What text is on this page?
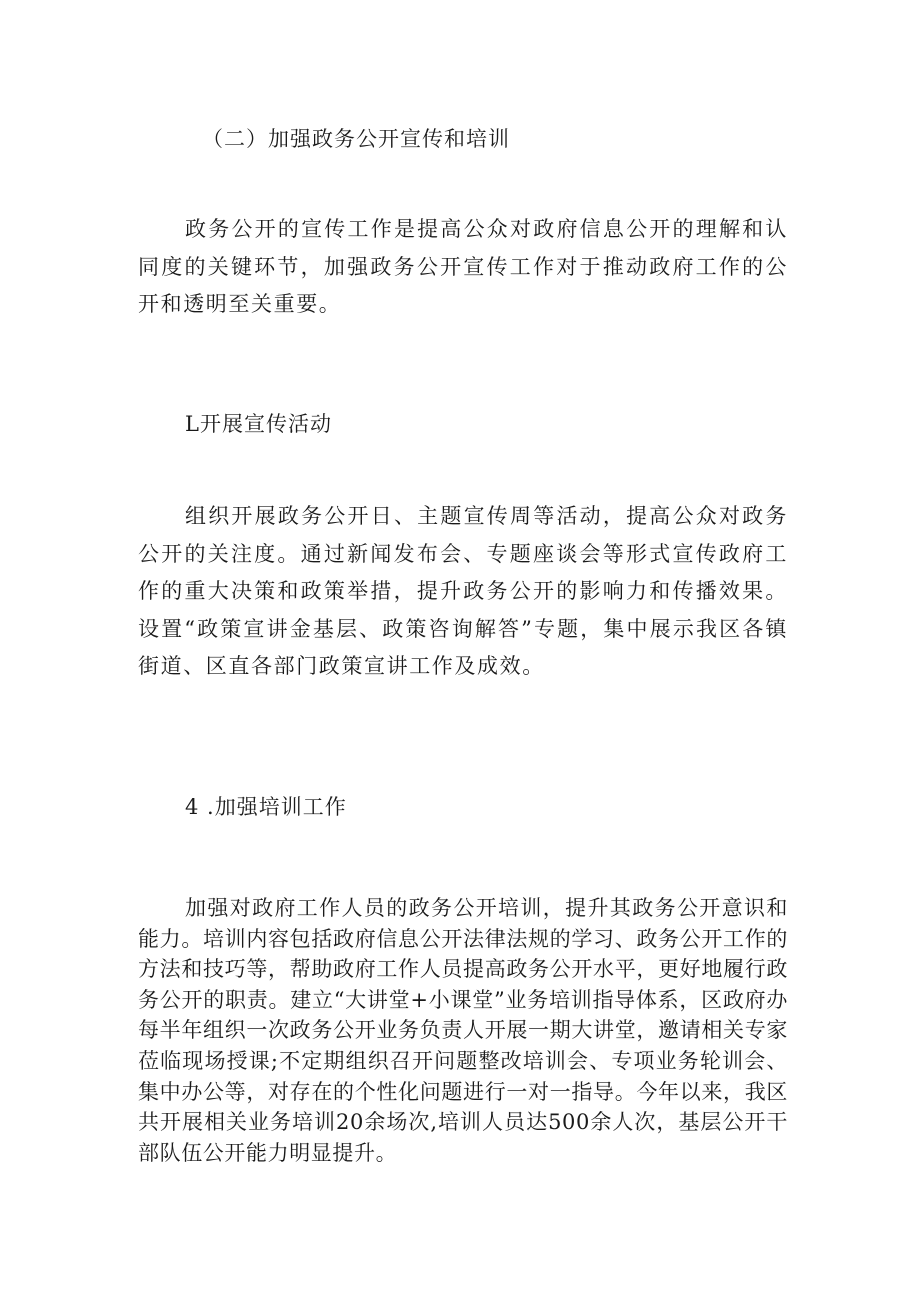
（二）加强政务公开宣传和培训

政务公开的宣传工作是提高公众对政府信息公开的理解和认同度的关键环节，加强政务公开宣传工作对于推动政府工作的公开和透明至关重要。

L开展宣传活动

组织开展政务公开日、主题宣传周等活动，提高公众对政务公开的关注度。通过新闻发布会、专题座谈会等形式宣传政府工作的重大决策和政策举措，提升政务公开的影响力和传播效果。设置“政策宣讲金基层、政策咨询解答”专题，集中展示我区各镇街道、区直各部门政策宣讲工作及成效。

4 .加强培训工作

加强对政府工作人员的政务公开培训，提升其政务公开意识和能力。培训内容包括政府信息公开法律法规的学习、政务公开工作的方法和技巧等，帮助政府工作人员提高政务公开水平，更好地履行政务公开的职责。建立“大讲堂+小课堂”业务培训指导体系，区政府办每半年组织一次政务公开业务负责人开展一期大讲堂，邀请相关专家莅临现场授课;不定期组织召开问题整改培训会、专项业务轮训会、集中办公等，对存在的个性化问题进行一对一指导。今年以来，我区共开展相关业务培训20余场次,培训人员达500余人次，基层公开干部队伍公开能力明显提升。
